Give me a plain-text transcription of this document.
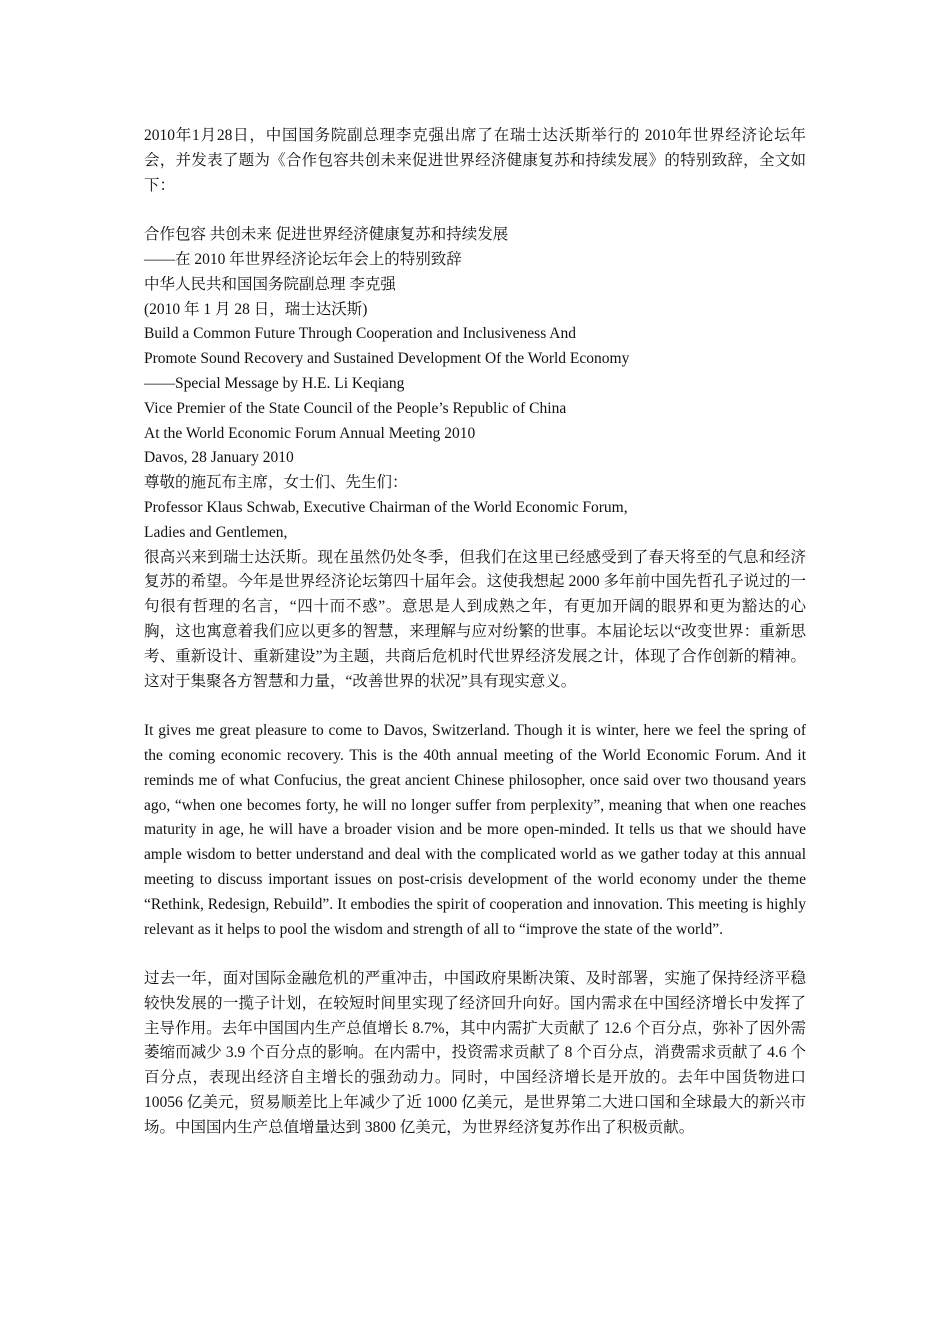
2010年1月28日，中国国务院副总理李克强出席了在瑞士达沃斯举行的 2010年世界经济论坛年会，并发表了题为《合作包容共创未来促进世界经济健康复苏和持续发展》的特别致辞，全文如下：

合作包容 共创未来 促进世界经济健康复苏和持续发展

——在 2010 年世界经济论坛年会上的特别致辞

中华人民共和国国务院副总理 李克强

(2010 年 1 月 28 日，瑞士达沃斯)

Build a Common Future Through Cooperation and Inclusiveness And

Promote Sound Recovery and Sustained Development Of the World Economy

——Special Message by H.E. Li Keqiang

Vice Premier of the State Council of the People’s Republic of China

At the World Economic Forum Annual Meeting 2010

Davos, 28 January 2010

尊敬的施瓦布主席，女士们、先生们：

Professor Klaus Schwab, Executive Chairman of the World Economic Forum,

Ladies and Gentlemen,

很高兴来到瑞士达沃斯。现在虽然仍处冬季，但我们在这里已经感受到了春天将至的气息和经济复苏的希望。今年是世界经济论坛第四十届年会。这使我想起 2000 多年前中国先哲孔子说过的一句很有哲理的名言，“四十而不惑”。意思是人到成熟之年，有更加开阔的眼界和更为豁达的心胸，这也寓意着我们应以更多的智慧，来理解与应对纷繁的世事。本届论坛以“改变世界：重新思考、重新设计、重新建设”为主题，共商后危机时代世界经济发展之计，体现了合作创新的精神。这对于集聚各方智慧和力量，“改善世界的状况”具有现实意义。

It gives me great pleasure to come to Davos, Switzerland. Though it is winter, here we feel the spring of the coming economic recovery. This is the 40th annual meeting of the World Economic Forum. And it reminds me of what Confucius, the great ancient Chinese philosopher, once said over two thousand years ago, “when one becomes forty, he will no longer suffer from perplexity”, meaning that when one reaches maturity in age, he will have a broader vision and be more open-minded. It tells us that we should have ample wisdom to better understand and deal with the complicated world as we gather today at this annual meeting to discuss important issues on post-crisis development of the world economy under the theme “Rethink, Redesign, Rebuild”. It embodies the spirit of cooperation and innovation. This meeting is highly relevant as it helps to pool the wisdom and strength of all to “improve the state of the world”.

过去一年，面对国际金融危机的严重冲击，中国政府果断决策、及时部署，实施了保持经济平稳较快发展的一揽子计划，在较短时间里实现了经济回升向好。国内需求在中国经济增长中发挥了主导作用。去年中国国内生产总值增长 8.7%，其中内需扩大贡献了 12.6 个百分点，弥补了因外需萎缩而减少 3.9 个百分点的影响。在内需中，投资需求贡献了 8 个百分点，消费需求贡献了 4.6 个百分点，表现出经济自主增长的强劲动力。同时，中国经济增长是开放的。去年中国货物进口 10056 亿美元，贸易顺差比上年减少了近 1000 亿美元，是世界第二大进口国和全球最大的新兴市场。中国国内生产总值增量达到 3800 亿美元，为世界经济复苏作出了积极贡献。
